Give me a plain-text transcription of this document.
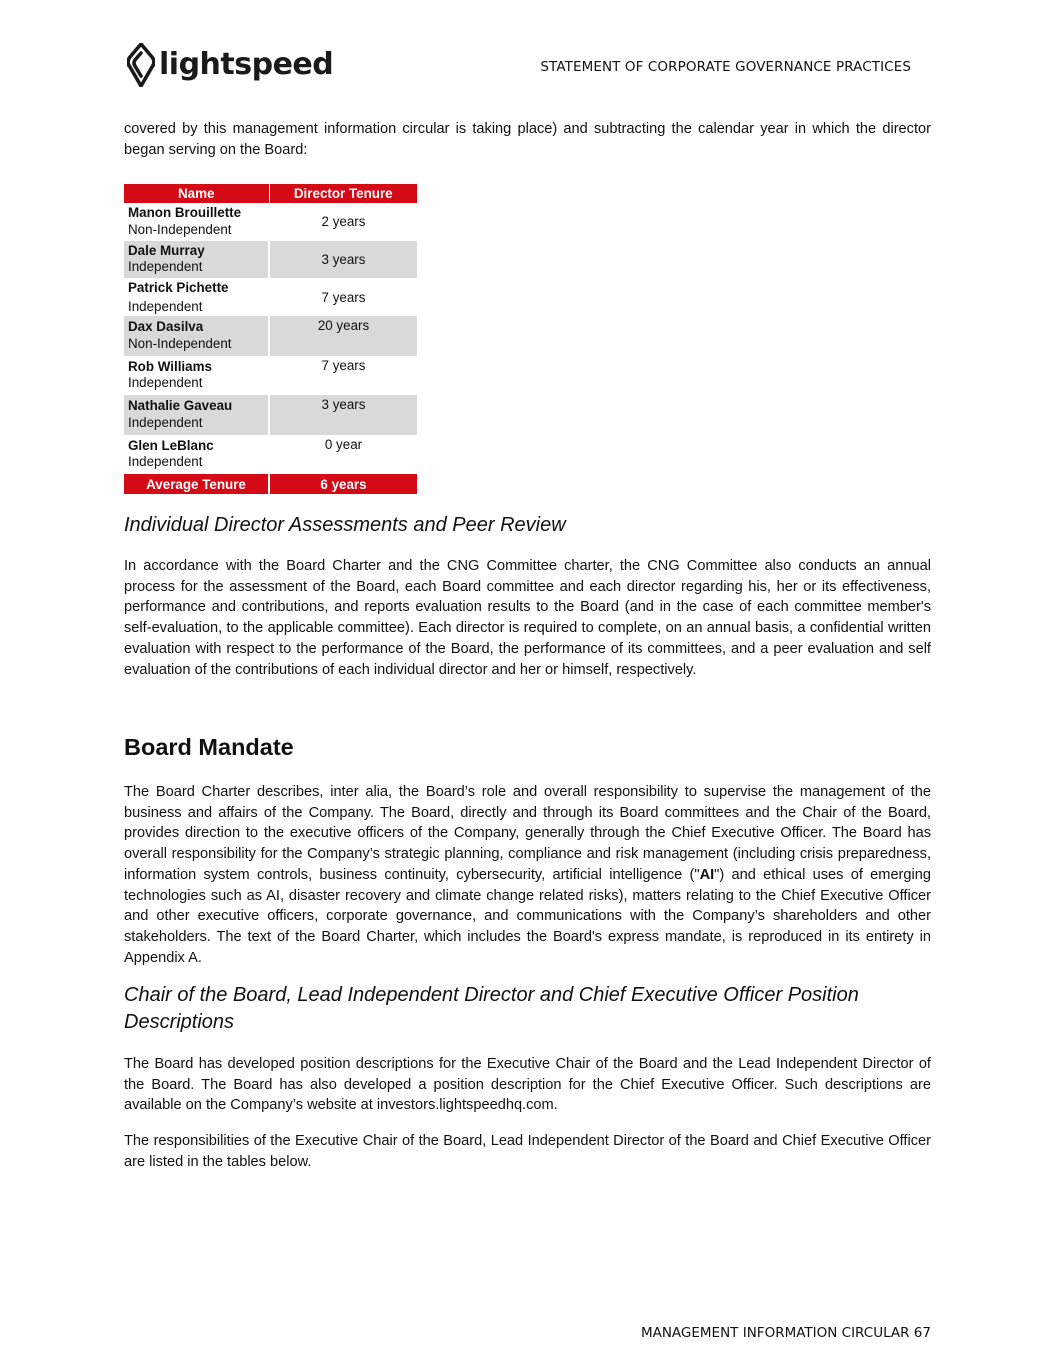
lightspeed	STATEMENT OF CORPORATE GOVERNANCE PRACTICES

covered by this management information circular is taking place) and subtracting the calendar year in which the director began serving on the Board:

Name	Director Tenure

Manon Brouillette
Non-Independent	2 years

Dale Murray
Independent	3 years

Patrick Pichette
Independent	7 years

Dax Dasilva
Non-Independent	20 years

Rob Williams
Independent	7 years

Nathalie Gaveau
Independent	3 years

Glen LeBlanc
Independent	0 year
Average Tenure	6 years
Individual Director Assessments and Peer Review

In accordance with the Board Charter and the CNG Committee charter, the CNG Committee also conducts an annual process for the assessment of the Board, each Board committee and each director regarding his, her or its effectiveness, performance and contributions, and reports evaluation results to the Board (and in the case of each committee member's self-evaluation, to the applicable committee). Each director is required to complete, on an annual basis, a confidential written evaluation with respect to the performance of the Board, the performance of its committees, and a peer evaluation and self evaluation of the contributions of each individual director and her or himself, respectively.

Board Mandate

The Board Charter describes, inter alia, the Board’s role and overall responsibility to supervise the management of the business and affairs of the Company. The Board, directly and through its Board committees and the Chair of the Board, provides direction to the executive officers of the Company, generally through the Chief Executive Officer. The Board has overall responsibility for the Company’s strategic planning, compliance and risk management (including crisis preparedness, information system controls, business continuity, cybersecurity, artificial intelligence ("AI") and ethical uses of emerging technologies such as AI, disaster recovery and climate change related risks), matters relating to the Chief Executive Officer and other executive officers, corporate governance, and communications with the Company’s shareholders and other stakeholders. The text of the Board Charter, which includes the Board's express mandate, is reproduced in its entirety in Appendix A.

Chair of the Board, Lead Independent Director and Chief Executive Officer Position Descriptions

The Board has developed position descriptions for the Executive Chair of the Board and the Lead Independent Director of the Board. The Board has also developed a position description for the Chief Executive Officer. Such descriptions are available on the Company’s website at investors.lightspeedhq.com.

The responsibilities of the Executive Chair of the Board, Lead Independent Director of the Board and Chief Executive Officer are listed in the tables below.

MANAGEMENT INFORMATION CIRCULAR 67
